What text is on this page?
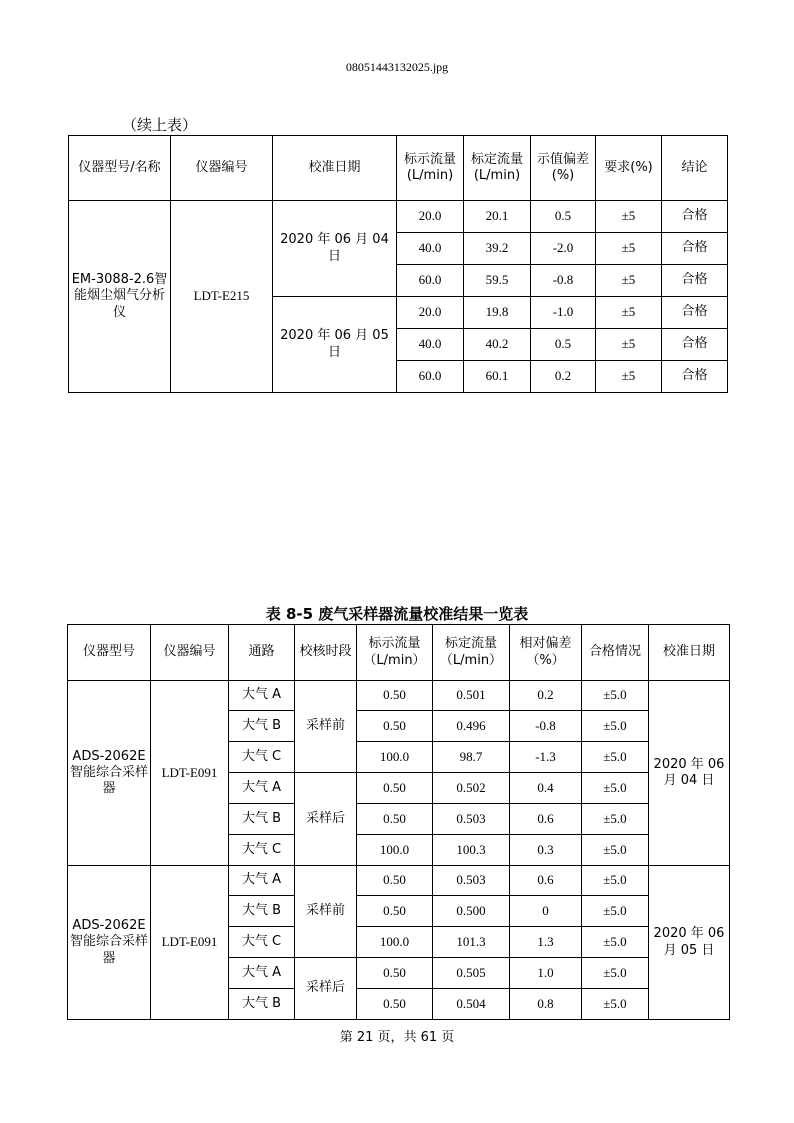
08051443132025.jpg
（续上表）
仪器型号/名称	仪器编号	校准日期	标示流量(L/min)	标定流量(L/min)	示值偏差(%)	要求(%)	结论
EM-3088-2.6智能烟尘烟气分析仪	LDT-E215	2020 年 06 月 04 日	20.0	20.1	0.5	±5	合格
			40.0	39.2	-2.0	±5	合格
			60.0	59.5	-0.8	±5	合格
		2020 年 06 月 05 日	20.0	19.8	-1.0	±5	合格
			40.0	40.2	0.5	±5	合格
			60.0	60.1	0.2	±5	合格
表 8-5 废气采样器流量校准结果一览表
仪器型号	仪器编号	通路	校核时段	标示流量（L/min）	标定流量（L/min）	相对偏差（%）	合格情况	校准日期
ADS-2062E智能综合采样器	LDT-E091	大气 A	采样前	0.50	0.501	0.2	±5.0	2020 年 06 月 04 日
		大气 B		0.50	0.496	-0.8	±5.0	
		大气 C		100.0	98.7	-1.3	±5.0	
		大气 A	采样后	0.50	0.502	0.4	±5.0	
		大气 B		0.50	0.503	0.6	±5.0	
		大气 C		100.0	100.3	0.3	±5.0	
ADS-2062E智能综合采样器	LDT-E091	大气 A	采样前	0.50	0.503	0.6	±5.0	2020 年 06 月 05 日
		大气 B		0.50	0.500	0	±5.0	
		大气 C		100.0	101.3	1.3	±5.0	
		大气 A	采样后	0.50	0.505	1.0	±5.0	
		大气 B		0.50	0.504	0.8	±5.0	
第 21 页，共 61 页
